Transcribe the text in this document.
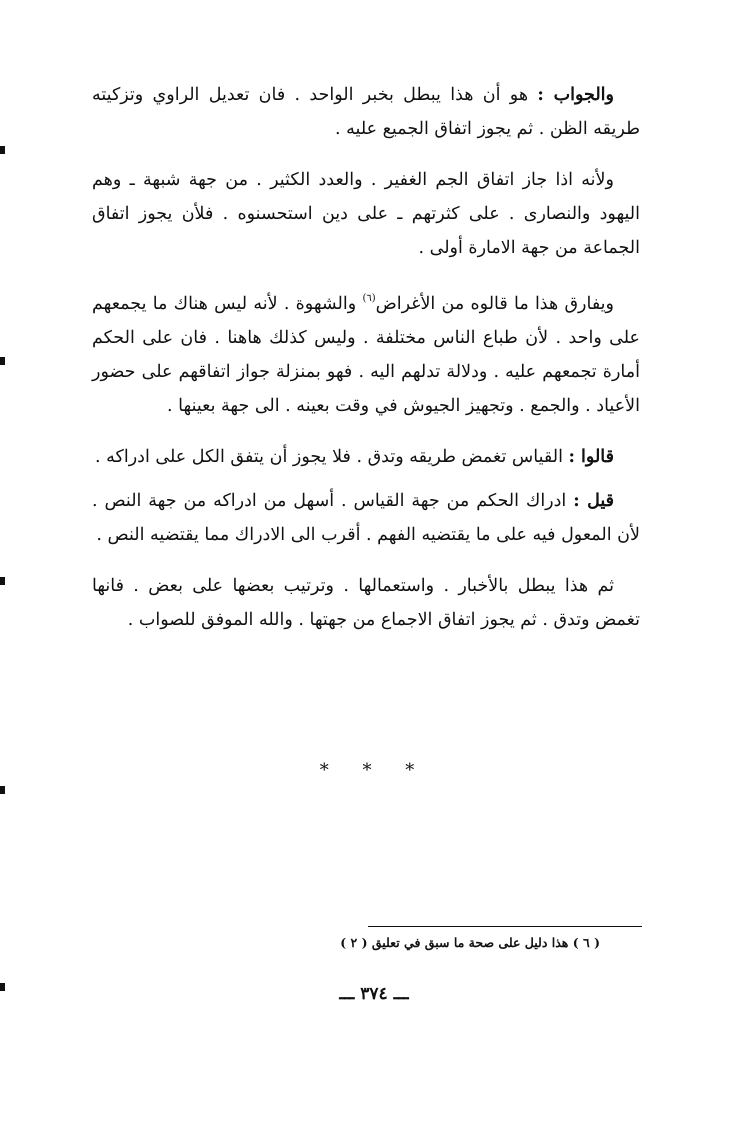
والجواب : هو أن هذا يبطل بخبر الواحد . فان تعديل الراوي وتزكيته طريقه الظن . ثم يجوز اتفاق الجميع عليه .

ولأنه اذا جاز اتفاق الجم الغفير . والعدد الكثير . من جهة شبهة ـ وهم اليهود والنصارى . على كثرتهم ـ على دين استحسنوه . فلأن يجوز اتفاق الجماعة من جهة الامارة أولى .

ويفارق هذا ما قالوه من الأغراض$^{(٦)}$ والشهوة . لأنه ليس هناك ما يجمعهم على واحد . لأن طباع الناس مختلفة . وليس كذلك هاهنا . فان على الحكم أمارة تجمعهم عليه . ودلالة تدلهم اليه . فهو بمنزلة جواز اتفاقهم على حضور الأعياد . والجمع . وتجهيز الجيوش في وقت بعينه . الى جهة بعينها .

قالوا : القياس تغمض طريقه وتدق . فلا يجوز أن يتفق الكل على ادراكه .

قيل : ادراك الحكم من جهة القياس . أسهل من ادراكه من جهة النص . لأن المعول فيه على ما يقتضيه الفهم . أقرب الى الادراك مما يقتضيه النص .

ثم هذا يبطل بالأخبار . واستعمالها . وترتيب بعضها على بعض . فانها تغمض وتدق . ثم يجوز اتفاق الاجماع من جهتها . والله الموفق للصواب .

* * *
( ٦ ) هذا دليل على صحة ما سبق في تعليق ( ٢ )
ـــ ٣٧٤ ـــ
